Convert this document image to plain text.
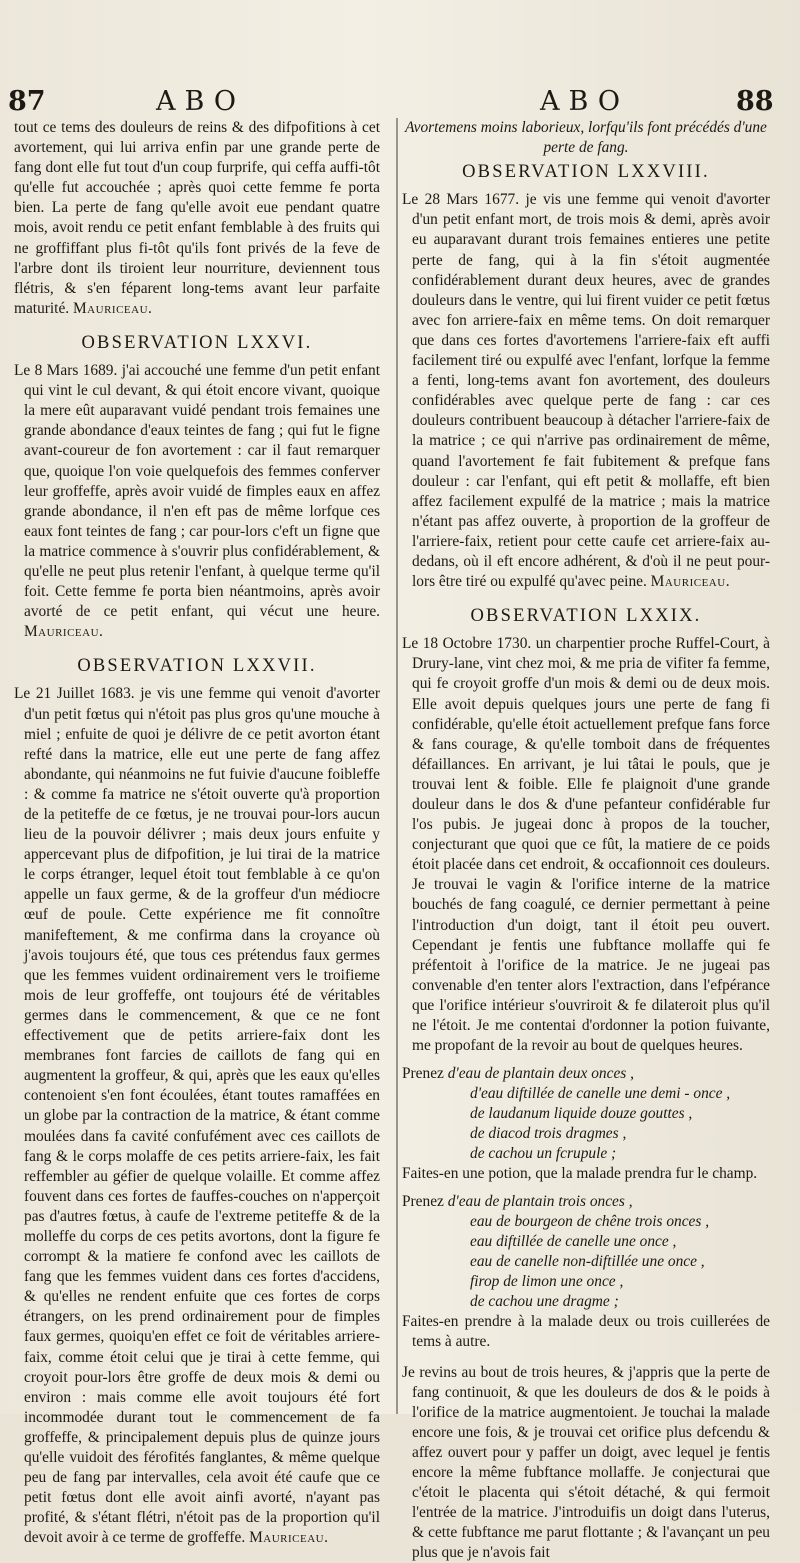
87	ABO	ABO	88

tout ce tems des douleurs de reins & des difpofitions à cet avortement, qui lui arriva enfin par une grande perte de fang dont elle fut tout d'un coup furprife, qui ceffa auffi-tôt qu'elle fut accouchée ; après quoi cette femme fe porta bien. La perte de fang qu'elle avoit eue pendant quatre mois, avoit rendu ce petit enfant femblable à des fruits qui ne groffiffant plus fi-tôt qu'ils font privés de la feve de l'arbre dont ils tiroient leur nourriture, deviennent tous flétris, & s'en féparent long-tems avant leur parfaite maturité. Mauriceau.

OBSERVATION LXXVI.

Le 8 Mars 1689. j'ai accouché une femme d'un petit enfant qui vint le cul devant, & qui étoit encore vivant, quoique la mere eût auparavant vuidé pendant trois femaines une grande abondance d'eaux teintes de fang ; qui fut le figne avant-coureur de fon avortement : car il faut remarquer que, quoique l'on voie quelquefois des femmes conferver leur groffeffe, après avoir vuidé de fimples eaux en affez grande abondance, il n'en eft pas de même lorfque ces eaux font teintes de fang ; car pour-lors c'eft un figne que la matrice commence à s'ouvrir plus confidérablement, & qu'elle ne peut plus retenir l'enfant, à quelque terme qu'il foit. Cette femme fe porta bien néantmoins, après avoir avorté de ce petit enfant, qui vécut une heure. Mauriceau.

OBSERVATION LXXVII.

Le 21 Juillet 1683. je vis une femme qui venoit d'avorter d'un petit fœtus qui n'étoit pas plus gros qu'une mouche à miel ; enfuite de quoi je délivre de ce petit avorton étant refté dans la matrice, elle eut une perte de fang affez abondante, qui néanmoins ne fut fuivie d'aucune foibleffe : & comme fa matrice ne s'étoit ouverte qu'à proportion de la petiteffe de ce fœtus, je ne trouvai pour-lors aucun lieu de la pouvoir délivrer ; mais deux jours enfuite y appercevant plus de difpofition, je lui tirai de la matrice le corps étranger, lequel étoit tout femblable à ce qu'on appelle un faux germe, & de la groffeur d'un médiocre œuf de poule. Cette expérience me fit connoître manifeftement, & me confirma dans la croyance où j'avois toujours été, que tous ces prétendus faux germes que les femmes vuident ordinairement vers le troifieme mois de leur groffeffe, ont toujours été de véritables germes dans le commencement, & que ce ne font effectivement que de petits arriere-faix dont les membranes font farcies de caillots de fang qui en augmentent la groffeur, & qui, après que les eaux qu'elles contenoient s'en font écoulées, étant toutes ramaffées en un globe par la contraction de la matrice, & étant comme moulées dans fa cavité confufément avec ces caillots de fang & le corps molaffe de ces petits arriere-faix, les fait reffembler au géfier de quelque volaille. Et comme affez fouvent dans ces fortes de fauffes-couches on n'apperçoit pas d'autres fœtus, à caufe de l'extreme petiteffe & de la molleffe du corps de ces petits avortons, dont la figure fe corrompt & la matiere fe confond avec les caillots de fang que les femmes vuident dans ces fortes d'accidens, & qu'elles ne rendent enfuite que ces fortes de corps étrangers, on les prend ordinairement pour de fimples faux germes, quoiqu'en effet ce foit de véritables arriere-faix, comme étoit celui que je tirai à cette femme, qui croyoit pour-lors être groffe de deux mois & demi ou environ : mais comme elle avoit toujours été fort incommodée durant tout le commencement de fa groffeffe, & principalement depuis plus de quinze jours qu'elle vuidoit des férofités fanglantes, & même quelque peu de fang par intervalles, cela avoit été caufe que ce petit fœtus dont elle avoit ainfi avorté, n'ayant pas profité, & s'étant flétri, n'étoit pas de la proportion qu'il devoit avoir à ce terme de groffeffe. Mauriceau.

Avortemens moins laborieux, lorfqu'ils font précédés d'une perte de fang.
OBSERVATION LXXVIII.

Le 28 Mars 1677. je vis une femme qui venoit d'avorter d'un petit enfant mort, de trois mois & demi, après avoir eu auparavant durant trois femaines entieres une petite perte de fang, qui à la fin s'étoit augmentée confidérablement durant deux heures, avec de grandes douleurs dans le ventre, qui lui firent vuider ce petit fœtus avec fon arriere-faix en même tems. On doit remarquer que dans ces fortes d'avortemens l'arriere-faix eft auffi facilement tiré ou expulfé avec l'enfant, lorfque la femme a fenti, long-tems avant fon avortement, des douleurs confidérables avec quelque perte de fang : car ces douleurs contribuent beaucoup à détacher l'arriere-faix de la matrice ; ce qui n'arrive pas ordinairement de même, quand l'avortement fe fait fubitement & prefque fans douleur : car l'enfant, qui eft petit & mollaffe, eft bien affez facilement expulfé de la matrice ; mais la matrice n'étant pas affez ouverte, à proportion de la groffeur de l'arriere-faix, retient pour cette caufe cet arriere-faix au-dedans, où il eft encore adhérent, & d'où il ne peut pour-lors être tiré ou expulfé qu'avec peine. Mauriceau.

OBSERVATION LXXIX.

Le 18 Octobre 1730. un charpentier proche Ruffel-Court, à Drury-lane, vint chez moi, & me pria de vifiter fa femme, qui fe croyoit groffe d'un mois & demi ou de deux mois. Elle avoit depuis quelques jours une perte de fang fi confidérable, qu'elle étoit actuellement prefque fans force & fans courage, & qu'elle tomboit dans de fréquentes défaillances. En arrivant, je lui tâtai le pouls, que je trouvai lent & foible. Elle fe plaignoit d'une grande douleur dans le dos & d'une pefanteur confidérable fur l'os pubis. Je jugeai donc à propos de la toucher, conjecturant que quoi que ce fût, la matiere de ce poids étoit placée dans cet endroit, & occafionnoit ces douleurs. Je trouvai le vagin & l'orifice interne de la matrice bouchés de fang coagulé, ce dernier permettant à peine l'introduction d'un doigt, tant il étoit peu ouvert. Cependant je fentis une fubftance mollaffe qui fe préfentoit à l'orifice de la matrice. Je ne jugeai pas convenable d'en tenter alors l'extraction, dans l'efpérance que l'orifice intérieur s'ouvriroit & fe dilateroit plus qu'il ne l'étoit. Je me contentai d'ordonner la potion fuivante, me propofant de la revoir au bout de quelques heures.

Prenez d'eau de plantain deux onces ,
d'eau diftillée de canelle une demi - once ,
de laudanum liquide douze gouttes ,
de diacod trois dragmes ,
de cachou un fcrupule ;

Faites-en une potion, que la malade prendra fur le champ.

Prenez d'eau de plantain trois onces ,
eau de bourgeon de chêne trois onces ,
eau diftillée de canelle une once ,
eau de canelle non-diftillée une once ,
firop de limon une once ,
de cachou une dragme ;

Faites-en prendre à la malade deux ou trois cuillerées de tems à autre.

Je revins au bout de trois heures, & j'appris que la perte de fang continuoit, & que les douleurs de dos & le poids à l'orifice de la matrice augmentoient. Je touchai la malade encore une fois, & je trouvai cet orifice plus defcendu & affez ouvert pour y paffer un doigt, avec lequel je fentis encore la même fubftance mollaffe. Je conjecturai que c'étoit le placenta qui s'étoit détaché, & qui fermoit l'entrée de la matrice. J'introduifis un doigt dans l'uterus, & cette fubftance me parut flottante ; & l'avançant un peu plus que je n'avois fait
